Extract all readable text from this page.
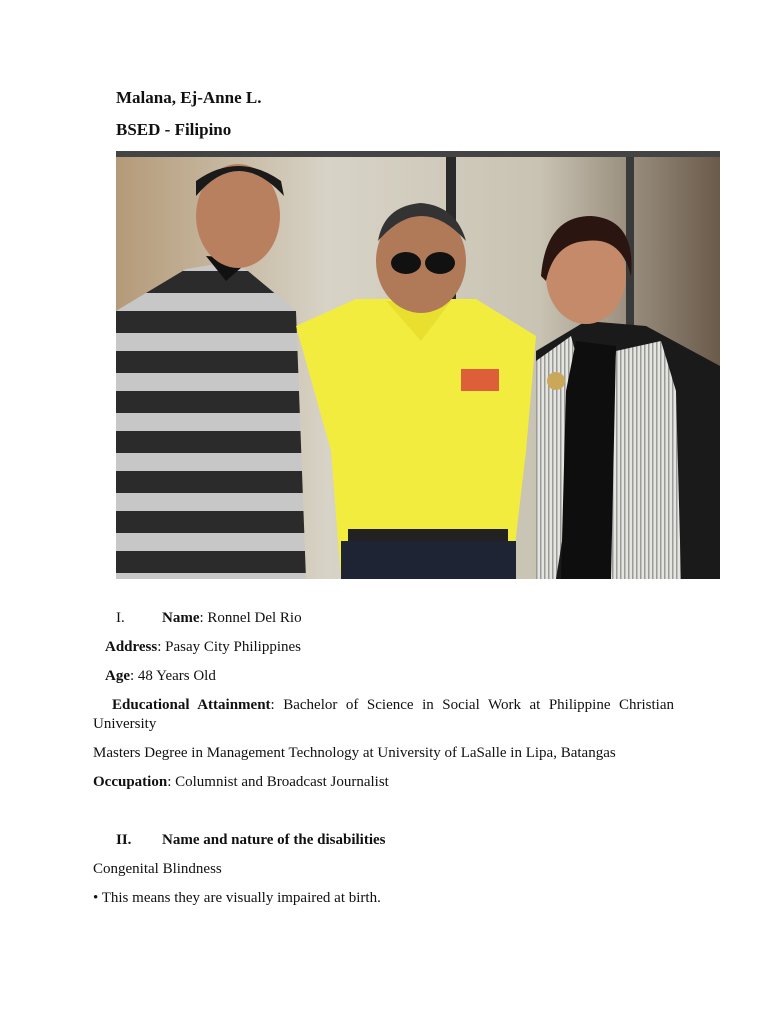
Malana, Ej-Anne L.
BSED - Filipino
I. Name: Ronnel Del Rio
Address: Pasay City Philippines
Age: 48 Years Old
Educational Attainment: Bachelor of Science in Social Work at Philippine Christian
University
Masters Degree in Management Technology at University of LaSalle in Lipa, Batangas
Occupation: Columnist and Broadcast Journalist
II. Name and nature of the disabilities
Congenital Blindness
• This means they are visually impaired at birth.
